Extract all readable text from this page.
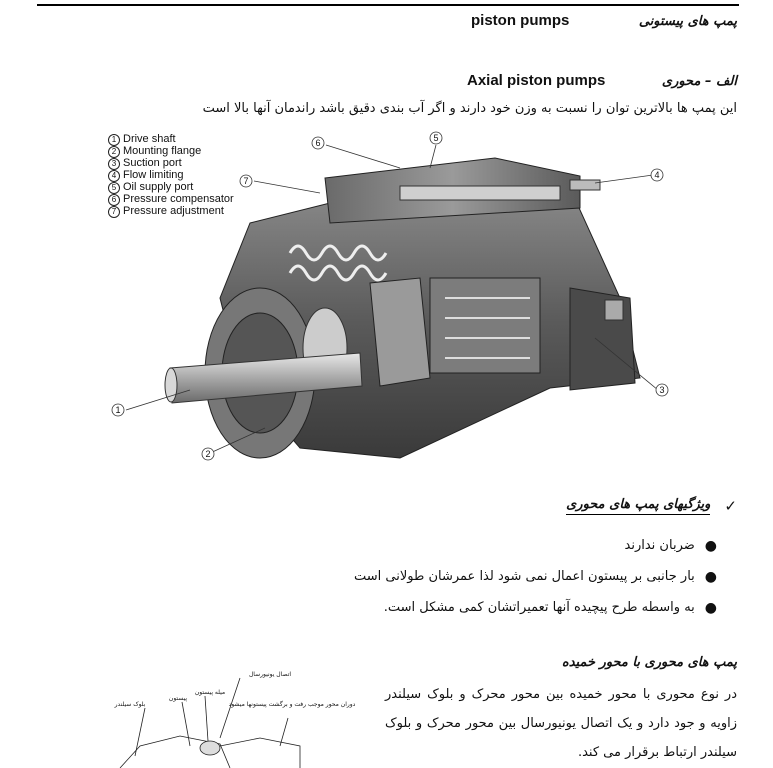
piston pumps	پمپ های پیستونی
Axial piston pumps	الف – محوری
این پمپ ها بالاترین توان را نسبت به وزن خود دارند و اگر آب بندی دقیق باشد راندمان آنها بالا است
1
2
3
4
5
6
7
1 Drive shaft
2 Mounting flange
3 Suction port
4 Flow limiting
5 Oil supply port
6 Pressure compensator
7 Pressure adjustment
✓
ویژگیهای پمپ های محوری
●
ضربان ندارند
●
بار جانبی بر پیستون اعمال نمی شود لذا عمرشان طولانی است
●
به واسطه طرح پیچیده آنها تعمیراتشان کمی مشکل است.
پمپ های محوری با محور خمیده
در نوع محوری با محور خمیده بین محور محرک و بلوک سیلندر زاویه و جود دارد و یک اتصال یونیورسال بین محور محرک و بلوک سیلندر ارتباط برقرار می کند.
اتصال یونیورسال
بلوک سیلندر
پیستون
میله پیستون
دوران محور موجب رفت و برگشت پیستونها میشود
